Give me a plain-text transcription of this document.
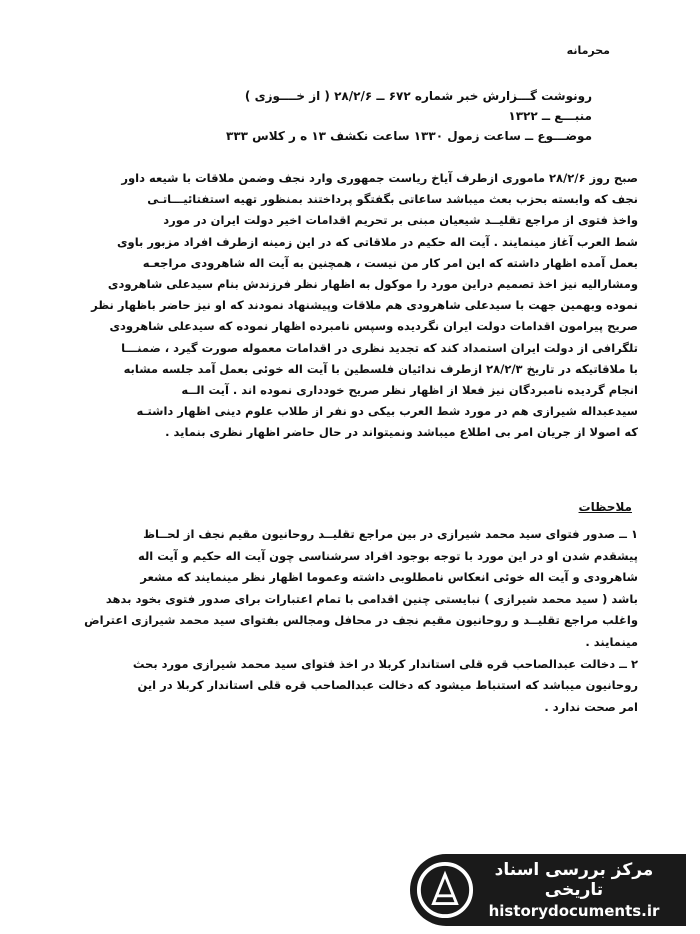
محرمانه
رونوشت گـــزارش خبر شماره ۶۷۲ ــ ۲۸/۲/۶ ( از خــــوزی )
منبـــع ــ ۱۳۲۲
موضـــوع ــ ساعت زمول ۱۳۳۰ ساعت نکشف ۱۳ ه ر کلاس ۳۳۳
صبح روز ۲۸/۲/۶ ماموری ازطرف آیاخ ریاست جمهوری وارد نجف وضمن ملاقات با شیعه داور
نجف که وابسته بحزب بعث میباشد ساعاتی بگفتگو پرداختند بمنظور تهیه استفتائیـــاتـی
واخذ فتوی از مراجع تقلیــد شیعیان مبنی بر تحریم اقدامات اخیر دولت ایران در مورد
شط العرب آغاز مینمایند . آیت اله حکیم در ملاقاتی که در این زمینه ازطرف افراد مزبور باوی
بعمل آمده اظهار داشته که این امر کار من نیست ، همچنین به آیت اله شاهرودی مراجعـه
ومشارالیه نیز اخذ تصمیم دراین مورد را موکول به اظهار نظر فرزندش بنام سیدعلی شاهرودی
نموده وبهمین جهت با سیدعلی شاهرودی هم ملاقات وپیشنهاد نمودند که او نیز حاضر باظهار نظر
صریح پیرامون اقدامات دولت ایران نگردیده وسپس نامبرده اظهار نموده که سیدعلی شاهرودی
تلگرافی از دولت ایران استمداد کند که تجدید نظری در اقدامات معموله صورت گیرد ، ضمنـــا
با ملاقاتیکه در تاریخ ۲۸/۲/۳ ازطرف ندائیان فلسطین با آیت اله خوئی بعمل آمد جلسه مشابه
انجام گردیده نامبردگان نیز فعلا از اظهار نظر صریح خودداری نموده اند . آیت الــه
سیدعبداله شیرازی هم در مورد شط العرب بیکی دو نفر از طلاب علوم دینی اظهار داشتـه
که اصولا از جریان امر بی اطلاع میباشد ونمیتواند در حال حاضر اظهار نظری بنماید .
ملاحظات
۱ ــ صدور فتوای سید محمد شیرازی در بین مراجع تقلیــد روحانیون مقیم نجف از لحــاظ
پیشقدم شدن او در این مورد با توجه بوجود افراد سرشناسی چون آیت اله حکیم و آیت اله
شاهرودی و آیت اله خوئی انعکاس نامطلوبی داشته وعموما اظهار نظر مینمایند که مشعر
باشد ( سید محمد شیرازی ) نبایستی چنین اقدامی با تمام اعتبارات برای صدور فتوی بخود بدهد
واغلب مراجع تقلیــد و روحانیون مقیم نجف در محافل ومجالس بفتوای سید محمد شیرازی اعتراض
مینمایند .
۲ ــ دخالت عبدالصاحب قره قلی استاندار کربلا در اخذ فتوای سید محمد شیرازی مورد بحث
روحانیون میباشد که استنباط میشود که دخالت عبدالصاحب قره قلی استاندار کربلا در این
امر صحت ندارد .
مرکز بررسی اسناد تاریخی
historydocuments.ir
